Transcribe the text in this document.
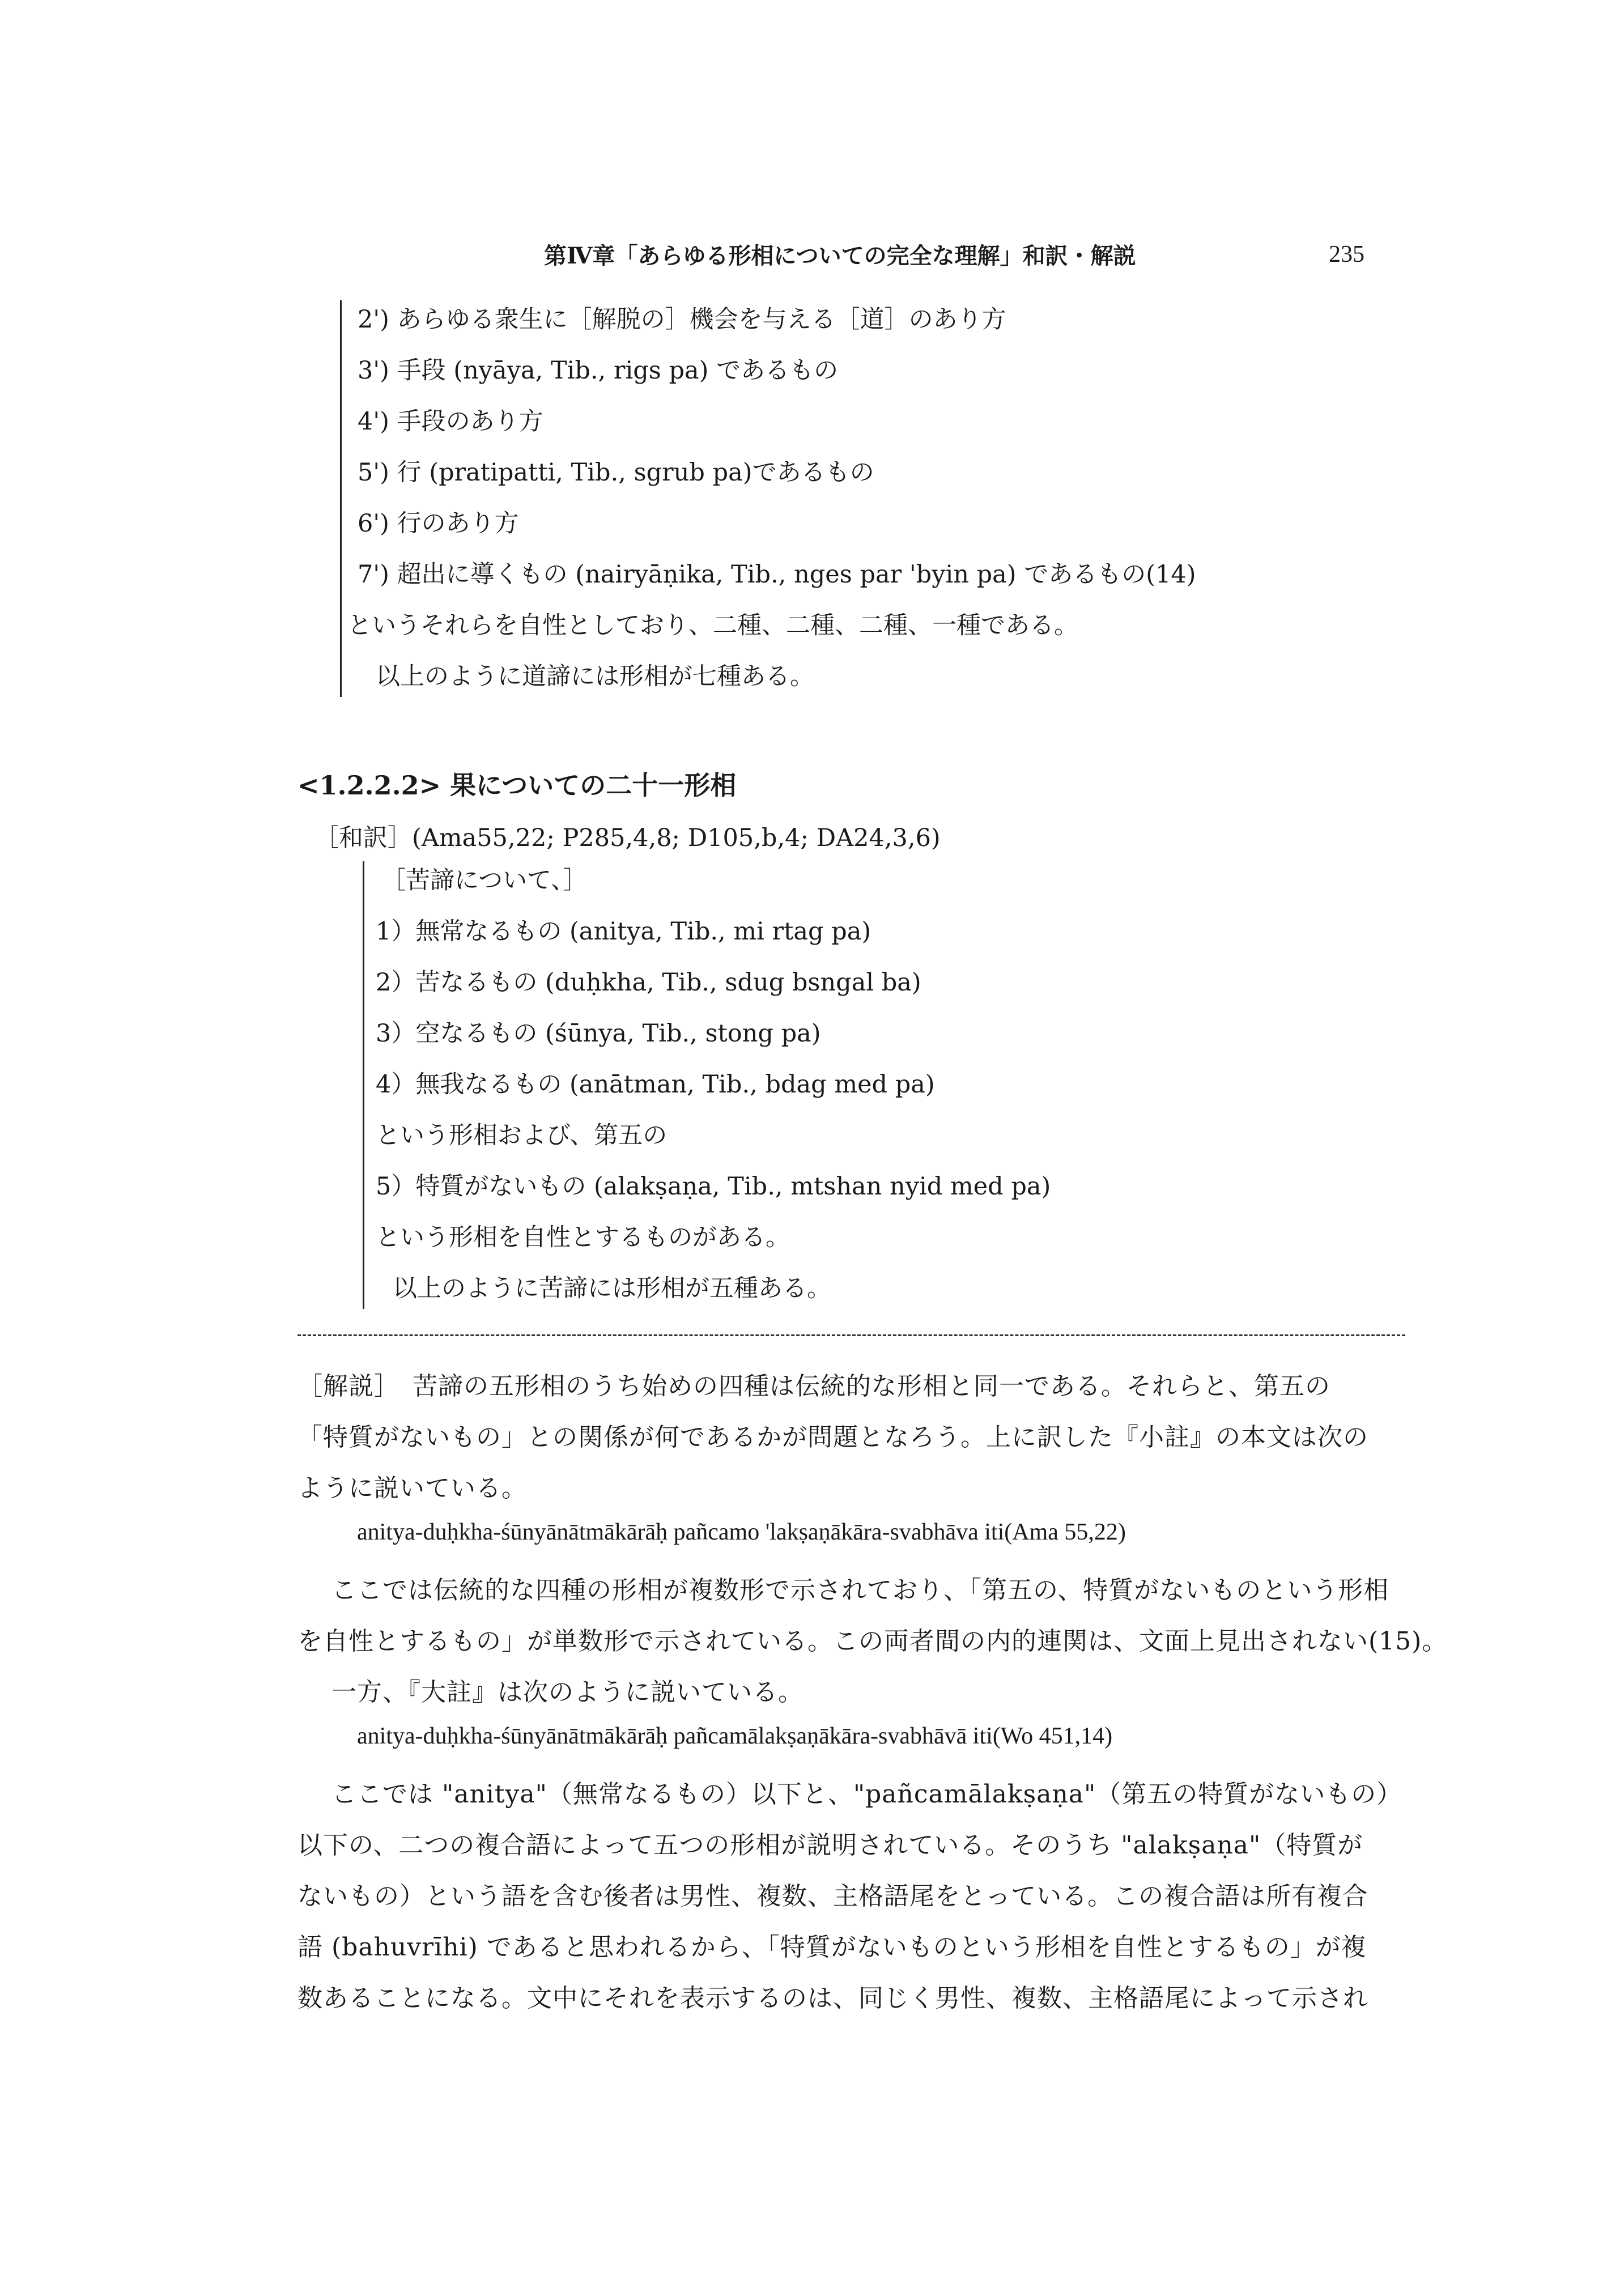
第Ⅳ章「あらゆる形相についての完全な理解」和訳・解説	235
2') あらゆる衆生に［解脱の］機会を与える［道］のあり方
3') 手段 (nyāya, Tib., rigs pa) であるもの
4') 手段のあり方
5') 行 (pratipatti, Tib., sgrub pa)であるもの
6') 行のあり方
7') 超出に導くもの (nairyāṇika, Tib., nges par 'byin pa) であるもの(14)
というそれらを自性としており、二種、二種、二種、一種である。
以上のように道諦には形相が七種ある。
<1.2.2.2> 果についての二十一形相
［和訳］(Ama55,22; P285,4,8; D105,b,4; DA24,3,6)
［苦諦について、］
1）無常なるもの (anitya, Tib., mi rtag pa)
2）苦なるもの (duḥkha, Tib., sdug bsngal ba)
3）空なるもの (śūnya, Tib., stong pa)
4）無我なるもの (anātman, Tib., bdag med pa)
という形相および、第五の
5）特質がないもの (alakṣaṇa, Tib., mtshan nyid med pa)
という形相を自性とするものがある。
以上のように苦諦には形相が五種ある。
［解説］　苦諦の五形相のうち始めの四種は伝統的な形相と同一である。それらと、第五の
「特質がないもの」との関係が何であるかが問題となろう。上に訳した『小註』の本文は次の
ように説いている。
anitya-duḥkha-śūnyānātmākārāḥ pañcamo 'lakṣaṇākāra-svabhāva iti(Ama 55,22)
ここでは伝統的な四種の形相が複数形で示されており、「第五の、特質がないものという形相
を自性とするもの」が単数形で示されている。この両者間の内的連関は、文面上見出されない(15)。
一方、『大註』は次のように説いている。
anitya-duḥkha-śūnyānātmākārāḥ pañcamālakṣaṇākāra-svabhāvā iti(Wo 451,14)
ここでは "anitya"（無常なるもの）以下と、"pañcamālakṣaṇa"（第五の特質がないもの）
以下の、二つの複合語によって五つの形相が説明されている。そのうち "alakṣaṇa"（特質が
ないもの）という語を含む後者は男性、複数、主格語尾をとっている。この複合語は所有複合
語 (bahuvrīhi) であると思われるから、「特質がないものという形相を自性とするもの」が複
数あることになる。文中にそれを表示するのは、同じく男性、複数、主格語尾によって示され
